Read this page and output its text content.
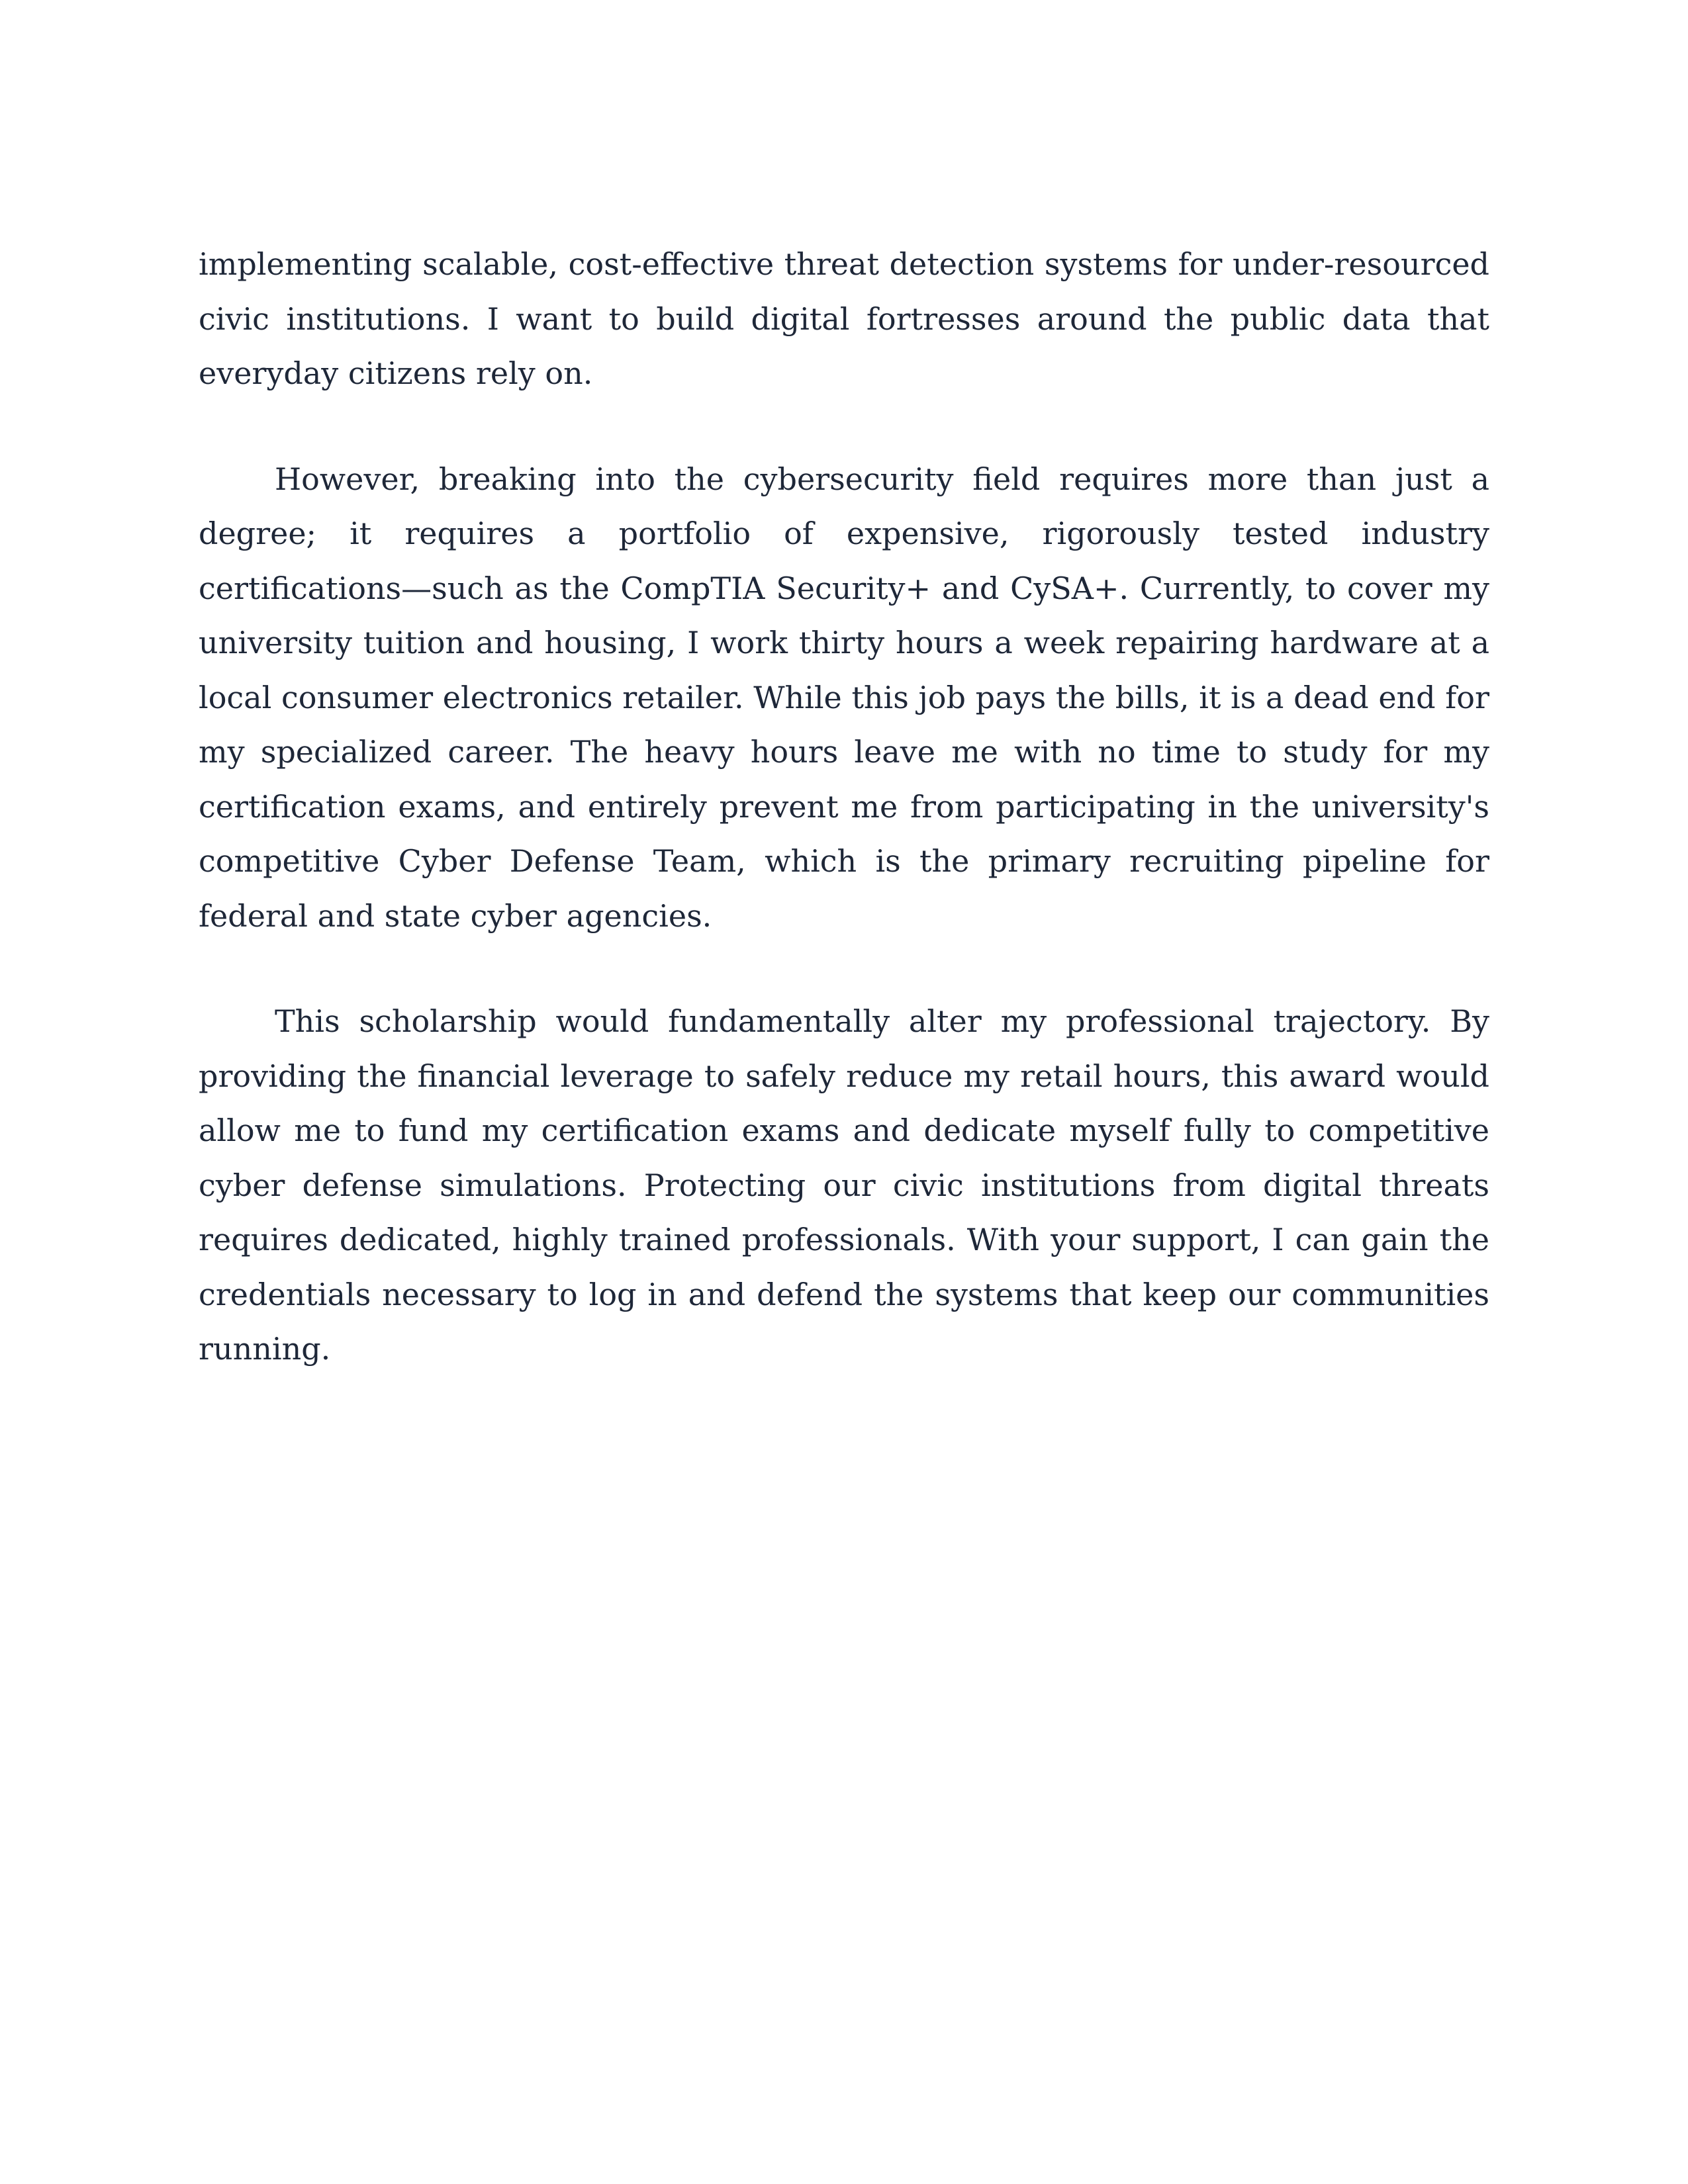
implementing scalable, cost-effective threat detection systems for under-resourced civic institutions. I want to build digital fortresses around the public data that everyday citizens rely on.

However, breaking into the cybersecurity field requires more than just a degree; it requires a portfolio of expensive, rigorously tested industry certifications—such as the CompTIA Security+ and CySA+. Currently, to cover my university tuition and housing, I work thirty hours a week repairing hardware at a local consumer electronics retailer. While this job pays the bills, it is a dead end for my specialized career. The heavy hours leave me with no time to study for my certification exams, and entirely prevent me from participating in the university's competitive Cyber Defense Team, which is the primary recruiting pipeline for federal and state cyber agencies.

This scholarship would fundamentally alter my professional trajectory. By providing the financial leverage to safely reduce my retail hours, this award would allow me to fund my certification exams and dedicate myself fully to competitive cyber defense simulations. Protecting our civic institutions from digital threats requires dedicated, highly trained professionals. With your support, I can gain the credentials necessary to log in and defend the systems that keep our communities running.
